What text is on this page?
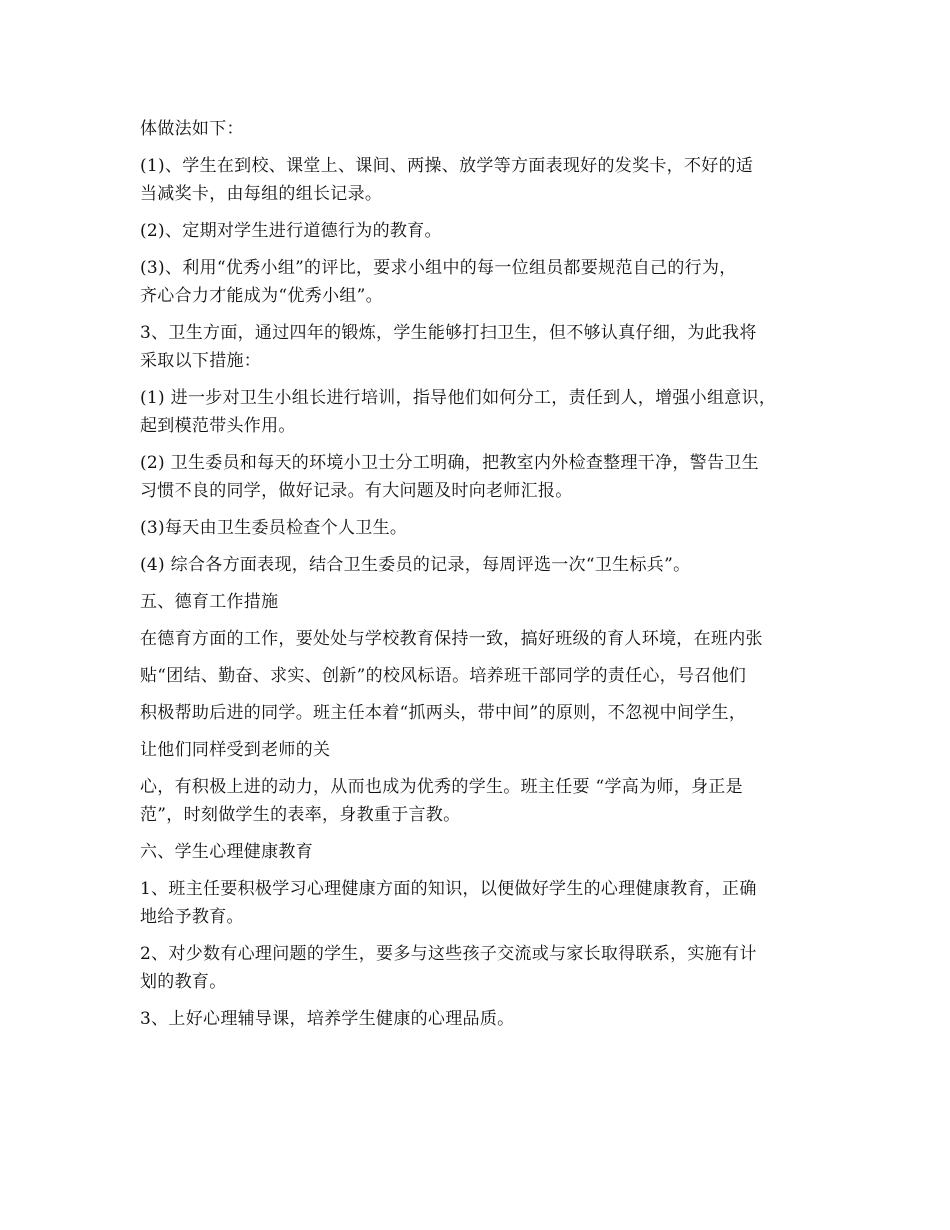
体做法如下：
(1)、学生在到校、课堂上、课间、两操、放学等方面表现好的发奖卡，不好的适
当减奖卡，由每组的组长记录。
(2)、定期对学生进行道德行为的教育。
(3)、利用“优秀小组”的评比，要求小组中的每一位组员都要规范自己的行为，
齐心合力才能成为“优秀小组”。
3、卫生方面，通过四年的锻炼，学生能够打扫卫生，但不够认真仔细，为此我将
采取以下措施：
(1) 进一步对卫生小组长进行培训，指导他们如何分工，责任到人，增强小组意识，
起到模范带头作用。
(2) 卫生委员和每天的环境小卫士分工明确，把教室内外检查整理干净，警告卫生
习惯不良的同学，做好记录。有大问题及时向老师汇报。
(3)每天由卫生委员检查个人卫生。
(4) 综合各方面表现，结合卫生委员的记录，每周评选一次“卫生标兵”。
五、德育工作措施
在德育方面的工作，要处处与学校教育保持一致，搞好班级的育人环境，在班内张
贴“团结、勤奋、求实、创新”的校风标语。培养班干部同学的责任心，号召他们
积极帮助后进的同学。班主任本着“抓两头，带中间”的原则，不忽视中间学生，
让他们同样受到老师的关
心，有积极上进的动力，从而也成为优秀的学生。班主任要 “学高为师，身正是
范”，时刻做学生的表率，身教重于言教。
六、学生心理健康教育
1、班主任要积极学习心理健康方面的知识，以便做好学生的心理健康教育，正确
地给予教育。
2、对少数有心理问题的学生，要多与这些孩子交流或与家长取得联系，实施有计
划的教育。
3、上好心理辅导课，培养学生健康的心理品质。
